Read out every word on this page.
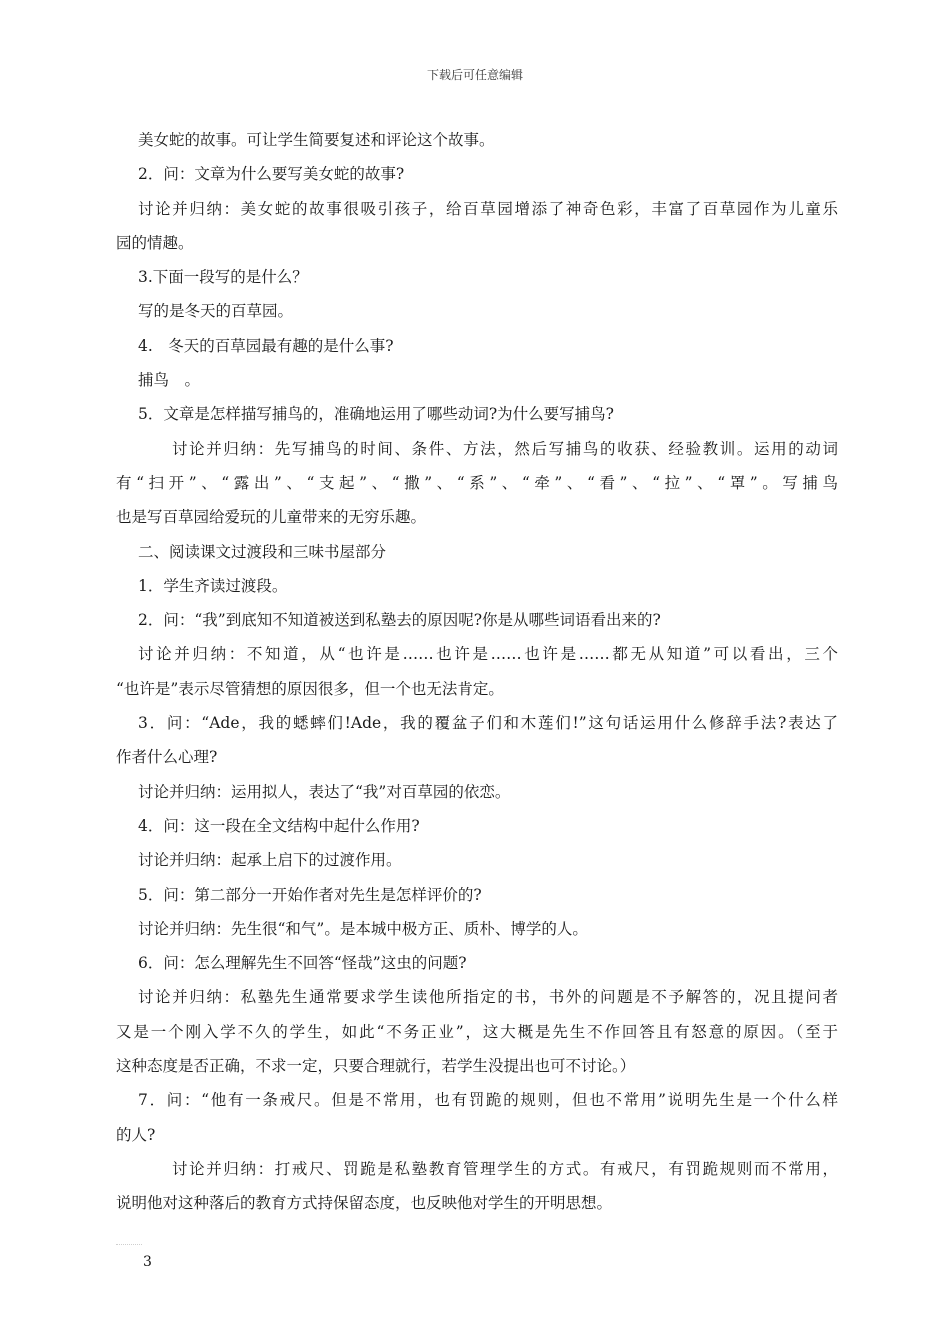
下载后可任意编辑
美女蛇的故事。可让学生简要复述和评论这个故事。
2．问：文章为什么要写美女蛇的故事?
讨论并归纳：美女蛇的故事很吸引孩子，给百草园增添了神奇色彩，丰富了百草园作为儿童乐
园的情趣。
3.下面一段写的是什么？
写的是冬天的百草园。
4.　冬天的百草园最有趣的是什么事?
捕鸟　。
5．文章是怎样描写捕鸟的，准确地运用了哪些动词?为什么要写捕鸟?
讨论并归纳：先写捕鸟的时间、条件、方法，然后写捕鸟的收获、经验教训。运用的动词
有“扫开”、“露出”、“支起”、“撒”、“系”、“牵”、“看”、“拉”、“罩”。写捕鸟
也是写百草园给爱玩的儿童带来的无穷乐趣。
二、阅读课文过渡段和三味书屋部分
1．学生齐读过渡段。
2．问：“我”到底知不知道被送到私塾去的原因呢?你是从哪些词语看出来的?
讨论并归纳：不知道，从“也许是……也许是……也许是……都无从知道”可以看出，三个
“也许是”表示尽管猜想的原因很多，但一个也无法肯定。
3．问：“Ade，我的蟋蟀们!Ade，我的覆盆子们和木莲们!”这句话运用什么修辞手法?表达了
作者什么心理?
讨论并归纳：运用拟人，表达了“我”对百草园的依恋。
4．问：这一段在全文结构中起什么作用?
讨论并归纳：起承上启下的过渡作用。
5．问：第二部分一开始作者对先生是怎样评价的?
讨论并归纳：先生很“和气”。是本城中极方正、质朴、博学的人。
6．问：怎么理解先生不回答“怪哉”这虫的问题?
讨论并归纳：私塾先生通常要求学生读他所指定的书，书外的问题是不予解答的，况且提问者
又是一个刚入学不久的学生，如此“不务正业”，这大概是先生不作回答且有怒意的原因。（至于
这种态度是否正确，不求一定，只要合理就行，若学生没提出也可不讨论。）
7．问：“他有一条戒尺。但是不常用，也有罚跪的规则，但也不常用”说明先生是一个什么样
的人?
讨论并归纳：打戒尺、罚跪是私塾教育管理学生的方式。有戒尺，有罚跪规则而不常用，
说明他对这种落后的教育方式持保留态度，也反映他对学生的开明思想。
3
